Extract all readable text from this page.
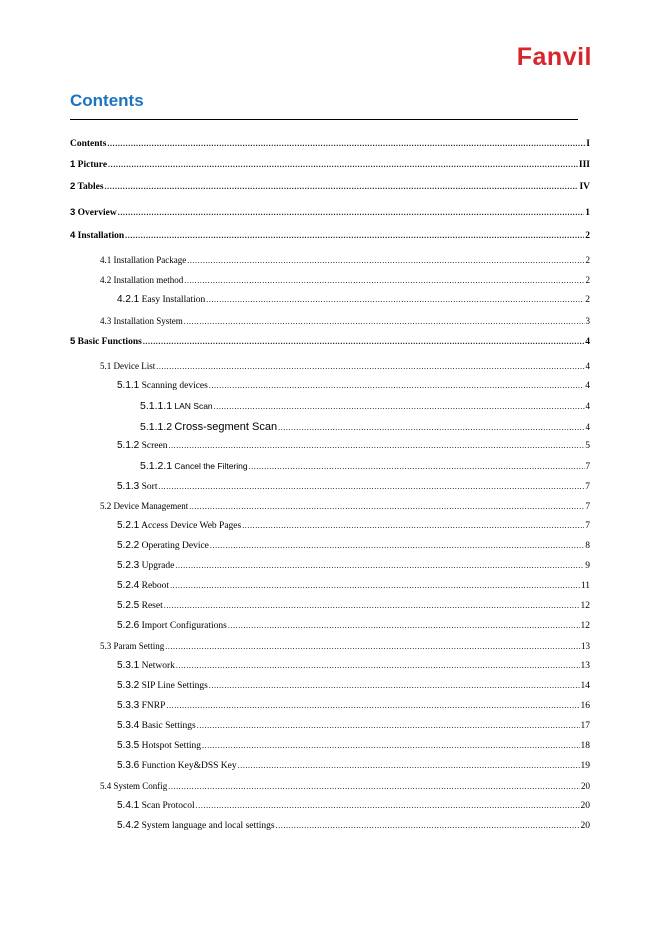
Fanvil
Contents
Contents .....	I
1 Picture .....	III
2 Tables .....	IV
3 Overview .....	1
4 Installation .....	2
4.1 Installation Package .....	2
4.2 Installation method .....	2
4.2.1 Easy Installation .....	2
4.3 Installation System .....	3
5 Basic Functions .....	4
5.1 Device List .....	4
5.1.1 Scanning devices .....	4
5.1.1.1 LAN Scan .....	4
5.1.1.2 Cross-segment Scan .....	4
5.1.2 Screen .....	5
5.1.2.1 Cancel the Filtering .....	7
5.1.3 Sort .....	7
5.2 Device Management .....	7
5.2.1 Access Device Web Pages .....	7
5.2.2 Operating Device .....	8
5.2.3 Upgrade .....	9
5.2.4 Reboot .....	11
5.2.5 Reset .....	12
5.2.6 Import Configurations .....	12
5.3 Param Setting .....	13
5.3.1 Network .....	13
5.3.2 SIP Line Settings .....	14
5.3.3 FNRP .....	16
5.3.4 Basic Settings .....	17
5.3.5 Hotspot Setting .....	18
5.3.6 Function Key&DSS Key .....	19
5.4 System Config .....	20
5.4.1 Scan Protocol .....	20
5.4.2 System language and local settings .....	20
